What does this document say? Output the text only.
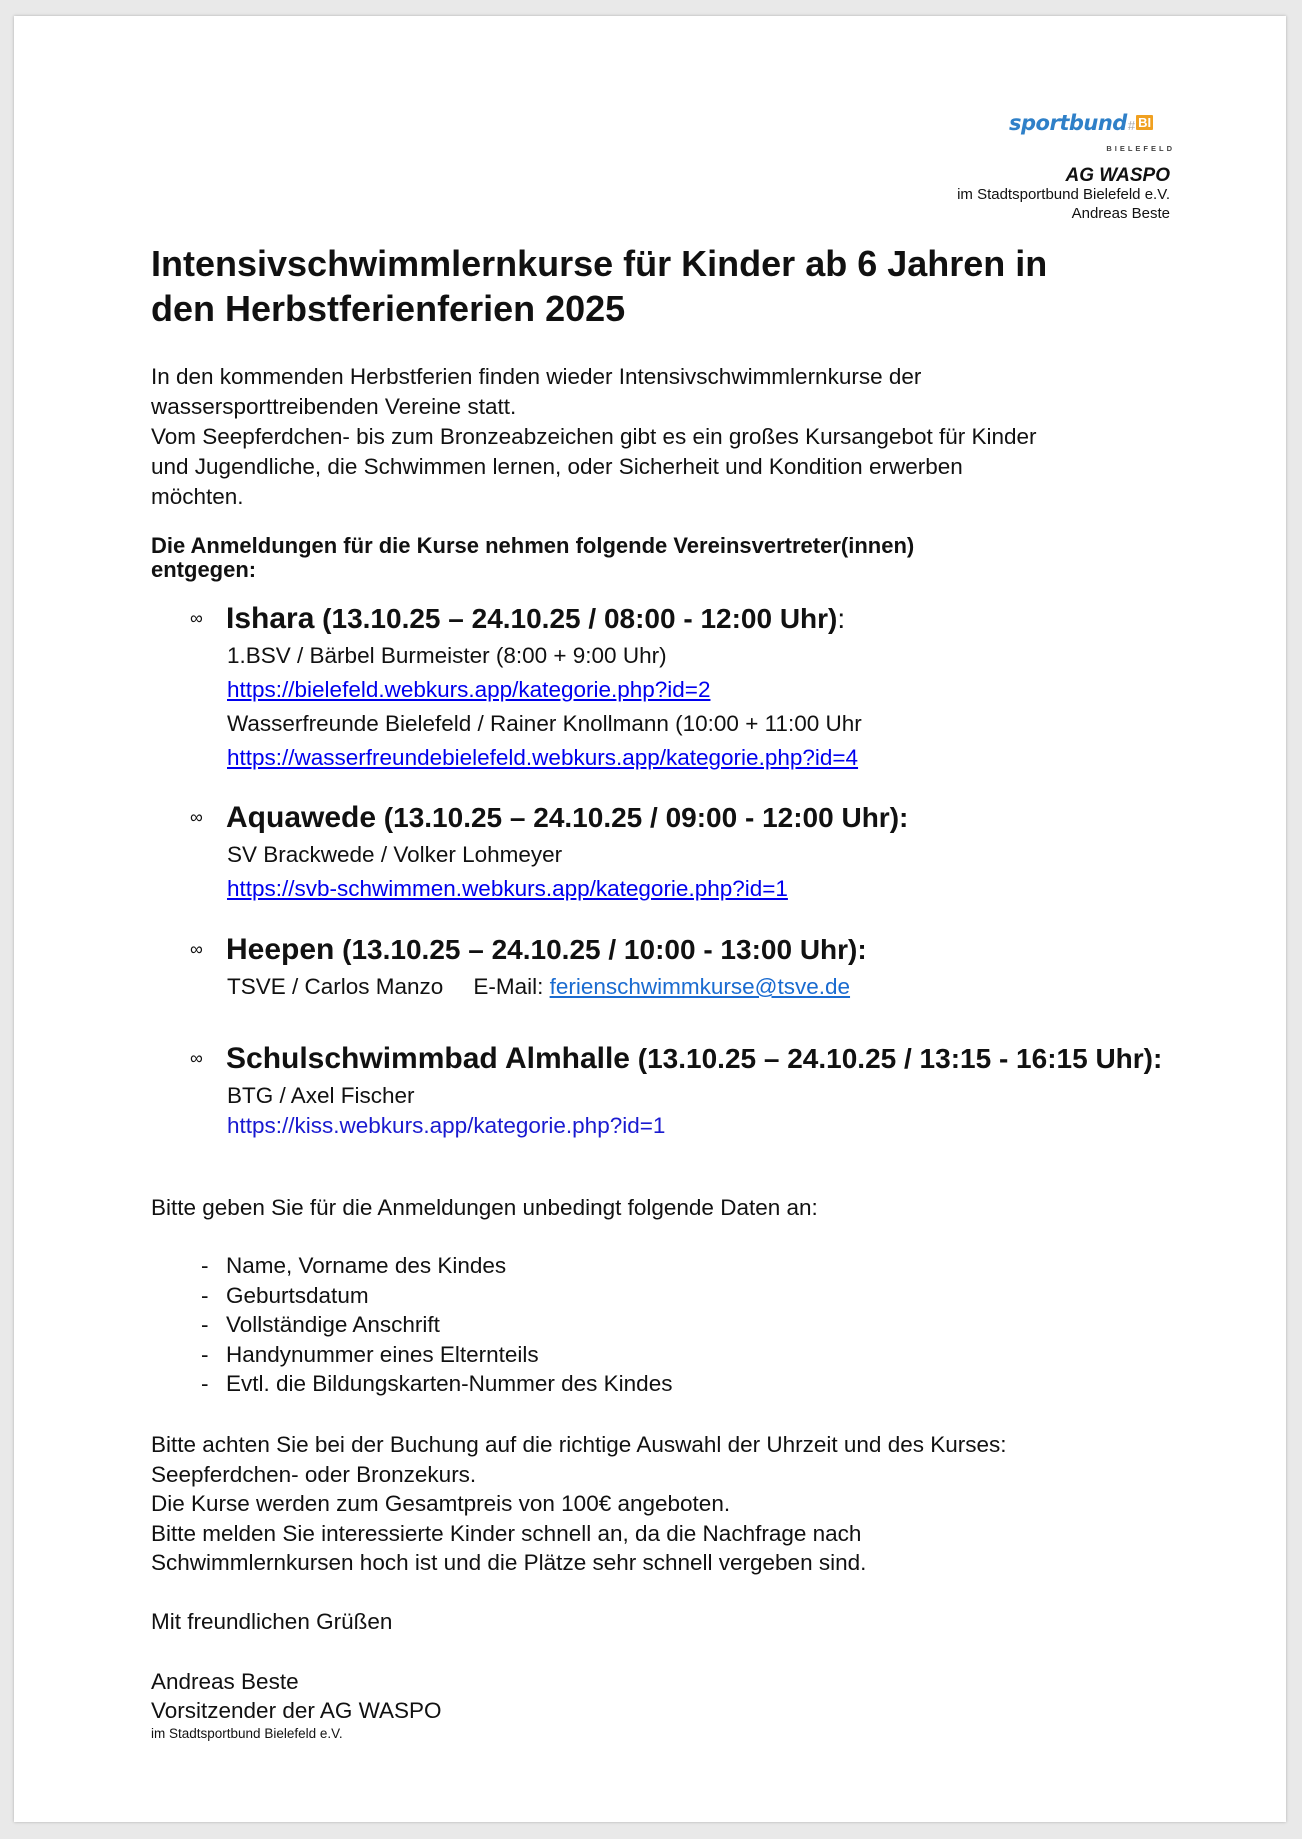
sportbund# BI
BIELEFELD
AG WASPO
im Stadtsportbund Bielefeld e.V.
Andreas Beste
Intensivschwimmlernkurse für Kinder ab 6 Jahren in
den Herbstferienferien 2025
In den kommenden Herbstferien finden wieder Intensivschwimmlernkurse der
wassersporttreibenden Vereine statt.
Vom Seepferdchen- bis zum Bronzeabzeichen gibt es ein großes Kursangebot für Kinder
und Jugendliche, die Schwimmen lernen, oder Sicherheit und Kondition erwerben
möchten.
Die Anmeldungen für die Kurse nehmen folgende Vereinsvertreter(innen)
entgegen:
∞ Ishara (13.10.25 – 24.10.25 / 08:00 - 12:00 Uhr):
1.BSV / Bärbel Burmeister (8:00 + 9:00 Uhr)
https://bielefeld.webkurs.app/kategorie.php?id=2
Wasserfreunde Bielefeld / Rainer Knollmann (10:00 + 11:00 Uhr
https://wasserfreundebielefeld.webkurs.app/kategorie.php?id=4
∞ Aquawede (13.10.25 – 24.10.25 / 09:00 - 12:00 Uhr):
SV Brackwede / Volker Lohmeyer
https://svb-schwimmen.webkurs.app/kategorie.php?id=1
∞ Heepen (13.10.25 – 24.10.25 / 10:00 - 13:00 Uhr):
TSVE / Carlos Manzo E-Mail: ferienschwimmkurse@tsve.de
∞ Schulschwimmbad Almhalle (13.10.25 – 24.10.25 / 13:15 - 16:15 Uhr):
BTG / Axel Fischer
https://kiss.webkurs.app/kategorie.php?id=1
Bitte geben Sie für die Anmeldungen unbedingt folgende Daten an:
- Name, Vorname des Kindes
- Geburtsdatum
- Vollständige Anschrift
- Handynummer eines Elternteils
- Evtl. die Bildungskarten-Nummer des Kindes
Bitte achten Sie bei der Buchung auf die richtige Auswahl der Uhrzeit und des Kurses:
Seepferdchen- oder Bronzekurs.
Die Kurse werden zum Gesamtpreis von 100€ angeboten.
Bitte melden Sie interessierte Kinder schnell an, da die Nachfrage nach
Schwimmlernkursen hoch ist und die Plätze sehr schnell vergeben sind.
Mit freundlichen Grüßen
Andreas Beste
Vorsitzender der AG WASPO
im Stadtsportbund Bielefeld e.V.
